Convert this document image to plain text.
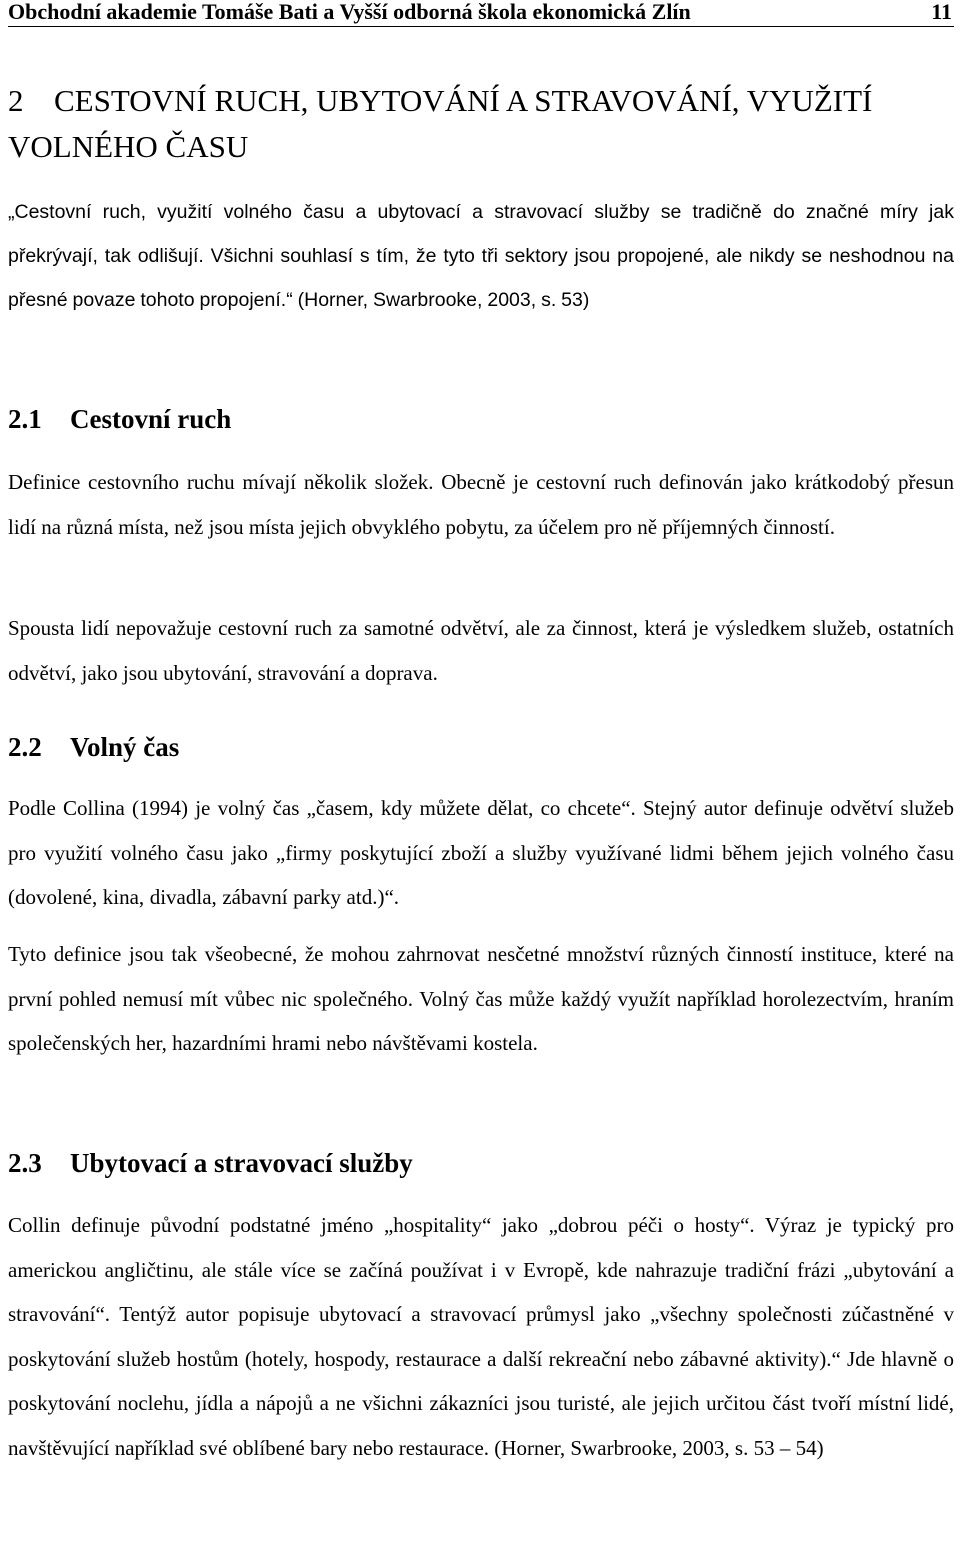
Obchodní akademie Tomáše Bati a Vyšší odborná škola ekonomická Zlín	11
2 CESTOVNÍ RUCH, UBYTOVÁNÍ A STRAVOVÁNÍ, VYUŽITÍ VOLNÉHO ČASU
„Cestovní ruch, využití volného času a ubytovací a stravovací služby se tradičně do značné míry jak překrývají, tak odlišují. Všichni souhlasí s tím, že tyto tři sektory jsou propojené, ale nikdy se neshodnou na přesné povaze tohoto propojení.“ (Horner, Swarbrooke, 2003, s. 53)
2.1 Cestovní ruch
Definice cestovního ruchu mívají několik složek. Obecně je cestovní ruch definován jako krátkodobý přesun lidí na různá místa, než jsou místa jejich obvyklého pobytu, za účelem pro ně příjemných činností.
Spousta lidí nepovažuje cestovní ruch za samotné odvětví, ale za činnost, která je výsledkem služeb, ostatních odvětví, jako jsou ubytování, stravování a doprava.
2.2 Volný čas
Podle Collina (1994) je volný čas „časem, kdy můžete dělat, co chcete“. Stejný autor definuje odvětví služeb pro využití volného času jako „firmy poskytující zboží a služby využívané lidmi během jejich volného času (dovolené, kina, divadla, zábavní parky atd.)“.
Tyto definice jsou tak všeobecné, že mohou zahrnovat nesčetné množství různých činností instituce, které na první pohled nemusí mít vůbec nic společného. Volný čas může každý využít například horolezectvím, hraním společenských her, hazardními hrami nebo návštěvami kostela.
2.3 Ubytovací a stravovací služby
Collin definuje původní podstatné jméno „hospitality“ jako „dobrou péči o hosty“. Výraz je typický pro americkou angličtinu, ale stále více se začíná používat i v Evropě, kde nahrazuje tradiční frázi „ubytování a stravování“. Tentýž autor popisuje ubytovací a stravovací průmysl jako „všechny společnosti zúčastněné v poskytování služeb hostům (hotely, hospody, restaurace a další rekreační nebo zábavné aktivity).“ Jde hlavně o poskytování noclehu, jídla a nápojů a ne všichni zákazníci jsou turisté, ale jejich určitou část tvoří místní lidé, navštěvující například své oblíbené bary nebo restaurace. (Horner, Swarbrooke, 2003, s. 53 – 54)
